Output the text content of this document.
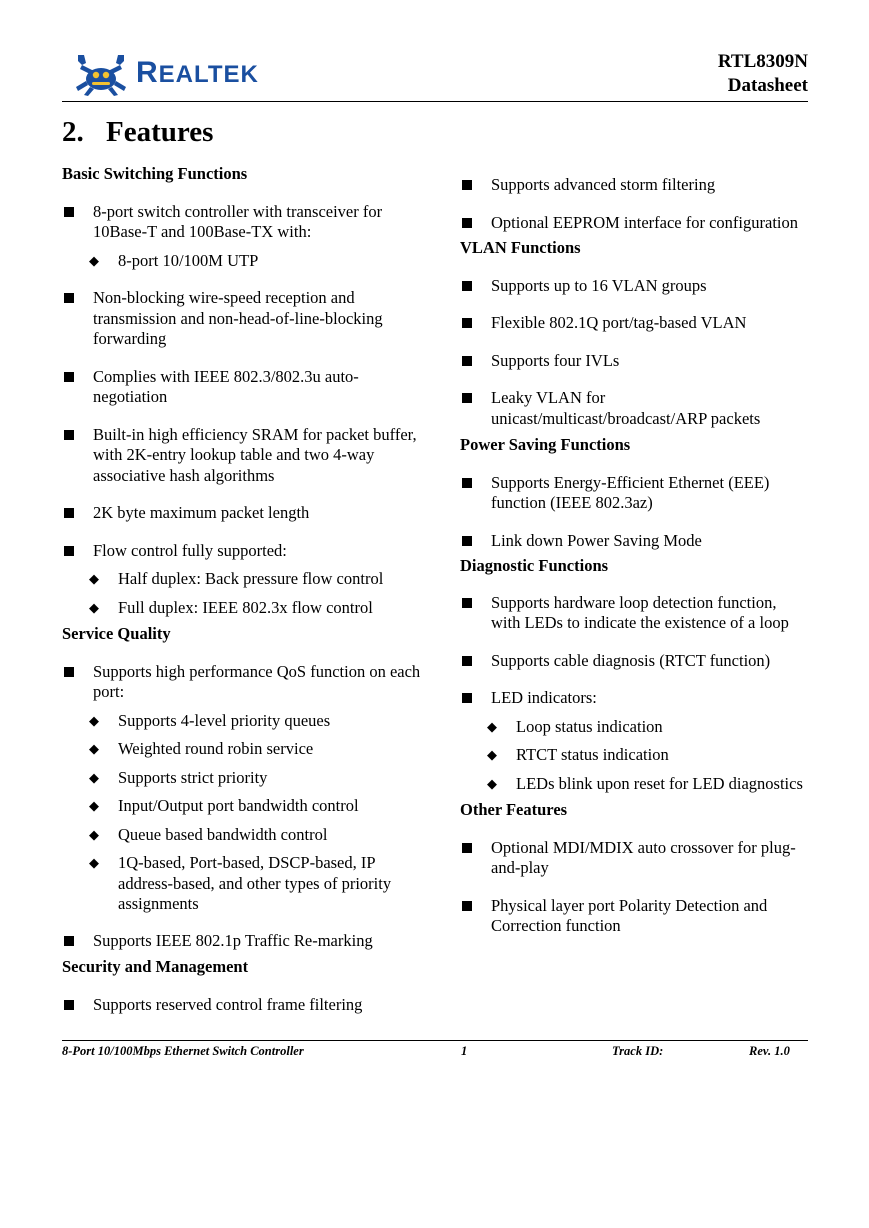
REALTEK	RTL8309N
Datasheet
2. Features
Basic Switching Functions
8-port switch controller with transceiver for 10Base-T and 100Base-TX with:
◆ 8-port 10/100M UTP
Non-blocking wire-speed reception and transmission and non-head-of-line-blocking forwarding
Complies with IEEE 802.3/802.3u auto-negotiation
Built-in high efficiency SRAM for packet buffer, with 2K-entry lookup table and two 4-way associative hash algorithms
2K byte maximum packet length
Flow control fully supported:
◆ Half duplex: Back pressure flow control
◆ Full duplex: IEEE 802.3x flow control
Service Quality
Supports high performance QoS function on each port:
◆ Supports 4-level priority queues
◆ Weighted round robin service
◆ Supports strict priority
◆ Input/Output port bandwidth control
◆ Queue based bandwidth control
◆ 1Q-based, Port-based, DSCP-based, IP address-based, and other types of priority assignments
Supports IEEE 802.1p Traffic Re-marking
Security and Management
Supports reserved control frame filtering
Supports advanced storm filtering
Optional EEPROM interface for configuration
VLAN Functions
Supports up to 16 VLAN groups
Flexible 802.1Q port/tag-based VLAN
Supports four IVLs
Leaky VLAN for unicast/multicast/broadcast/ARP packets
Power Saving Functions
Supports Energy-Efficient Ethernet (EEE) function (IEEE 802.3az)
Link down Power Saving Mode
Diagnostic Functions
Supports hardware loop detection function, with LEDs to indicate the existence of a loop
Supports cable diagnosis (RTCT function)
LED indicators:
◆ Loop status indication
◆ RTCT status indication
◆ LEDs blink upon reset for LED diagnostics
Other Features
Optional MDI/MDIX auto crossover for plug-and-play
Physical layer port Polarity Detection and Correction function
8-Port 10/100Mbps Ethernet Switch Controller	1	Track ID:	Rev. 1.0
